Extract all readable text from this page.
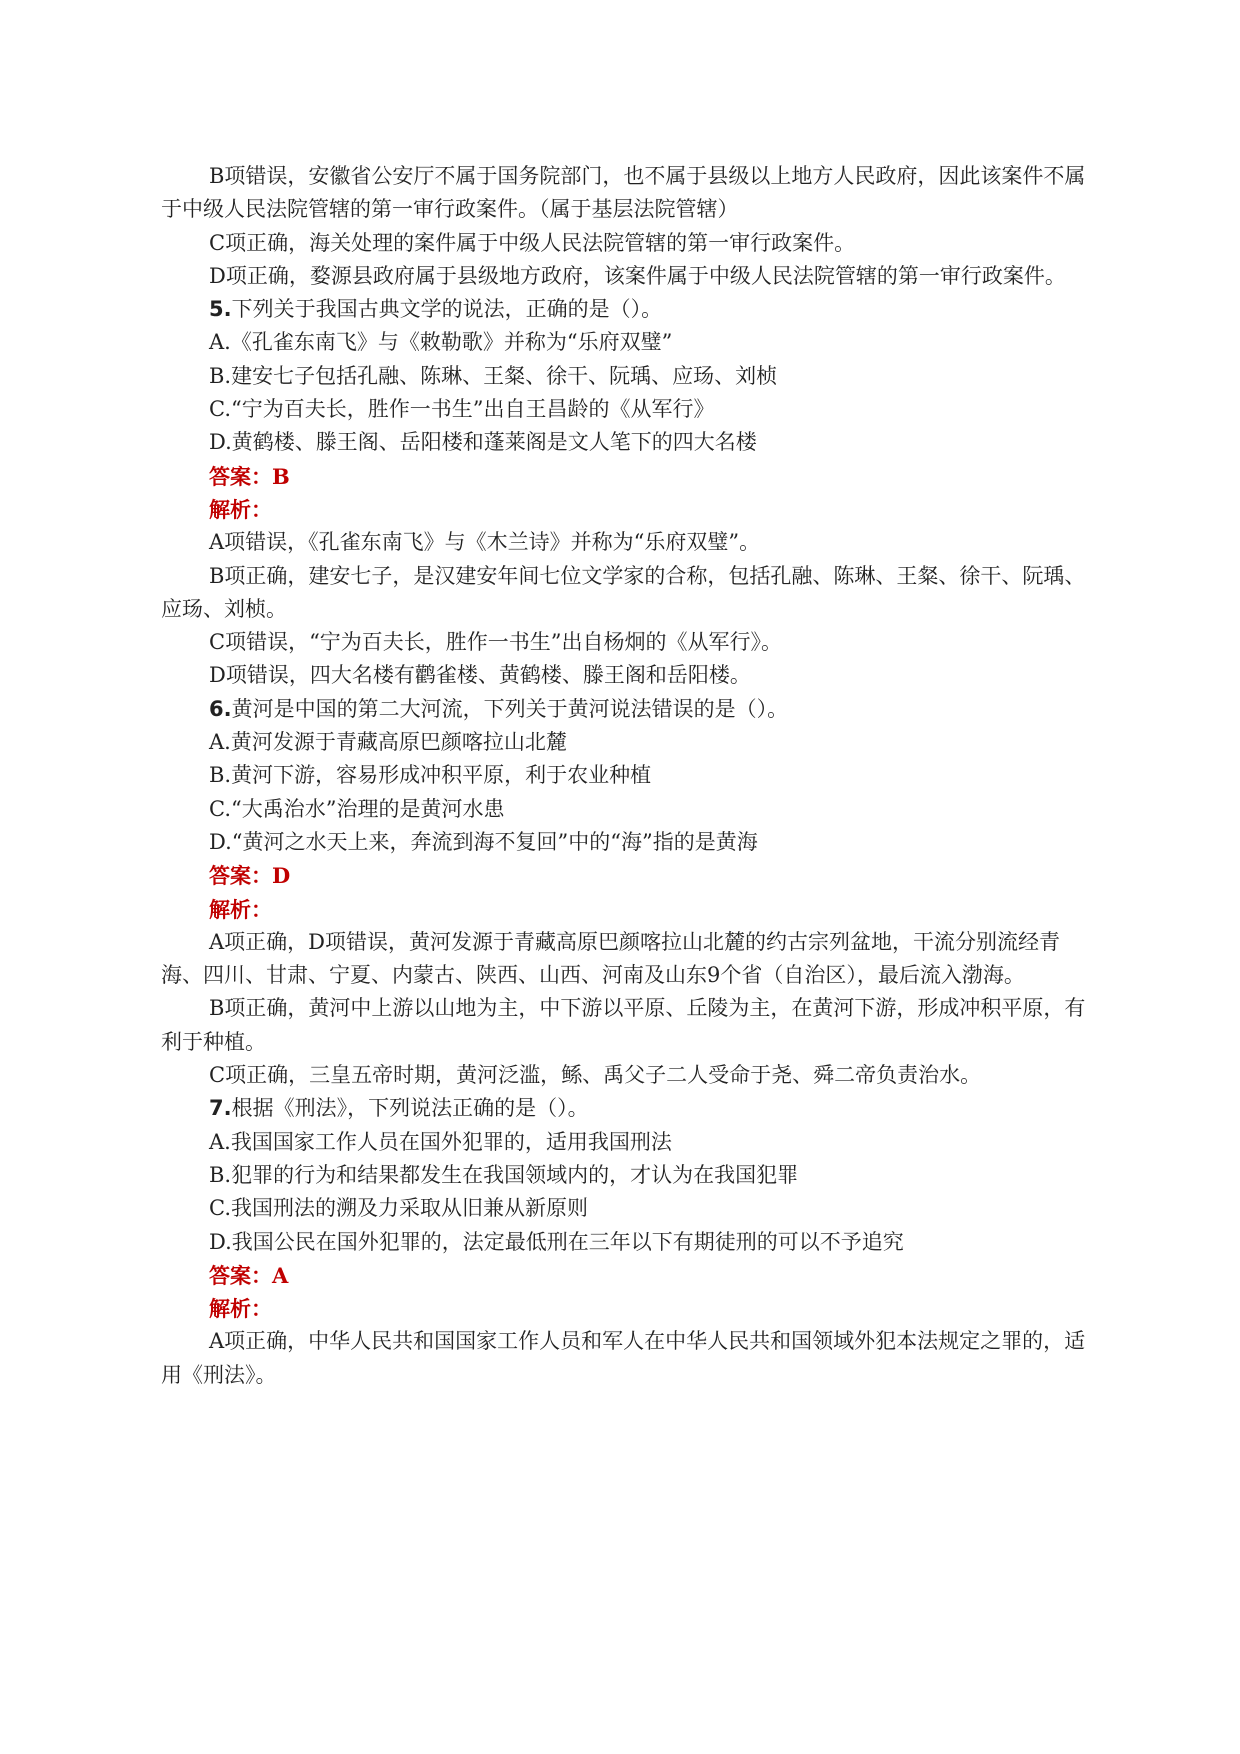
B项错误，安徽省公安厅不属于国务院部门，也不属于县级以上地方人民政府，因此该案件不属于中级人民法院管辖的第一审行政案件。（属于基层法院管辖）

C项正确，海关处理的案件属于中级人民法院管辖的第一审行政案件。

D项正确，婺源县政府属于县级地方政府，该案件属于中级人民法院管辖的第一审行政案件。

5.下列关于我国古典文学的说法，正确的是（）。

A.《孔雀东南飞》与《敕勒歌》并称为“乐府双璧”

B.建安七子包括孔融、陈琳、王粲、徐干、阮瑀、应玚、刘桢

C.“宁为百夫长，胜作一书生”出自王昌龄的《从军行》

D.黄鹤楼、滕王阁、岳阳楼和蓬莱阁是文人笔下的四大名楼

答案：B

解析：

A项错误，《孔雀东南飞》与《木兰诗》并称为“乐府双璧”。

B项正确，建安七子，是汉建安年间七位文学家的合称，包括孔融、陈琳、王粲、徐干、阮瑀、应玚、刘桢。

C项错误，“宁为百夫长，胜作一书生”出自杨炯的《从军行》。

D项错误，四大名楼有鹳雀楼、黄鹤楼、滕王阁和岳阳楼。

6.黄河是中国的第二大河流，下列关于黄河说法错误的是（）。

A.黄河发源于青藏高原巴颜喀拉山北麓

B.黄河下游，容易形成冲积平原，利于农业种植

C.“大禹治水”治理的是黄河水患

D.“黄河之水天上来，奔流到海不复回”中的“海”指的是黄海

答案：D

解析：

A项正确，D项错误，黄河发源于青藏高原巴颜喀拉山北麓的约古宗列盆地，干流分别流经青海、四川、甘肃、宁夏、内蒙古、陕西、山西、河南及山东9个省（自治区），最后流入渤海。

B项正确，黄河中上游以山地为主，中下游以平原、丘陵为主，在黄河下游，形成冲积平原，有利于种植。

C项正确，三皇五帝时期，黄河泛滥，鲧、禹父子二人受命于尧、舜二帝负责治水。

7.根据《刑法》，下列说法正确的是（）。

A.我国国家工作人员在国外犯罪的，适用我国刑法

B.犯罪的行为和结果都发生在我国领域内的，才认为在我国犯罪

C.我国刑法的溯及力采取从旧兼从新原则

D.我国公民在国外犯罪的，法定最低刑在三年以下有期徒刑的可以不予追究

答案：A

解析：

A项正确，中华人民共和国国家工作人员和军人在中华人民共和国领域外犯本法规定之罪的，适用《刑法》。
